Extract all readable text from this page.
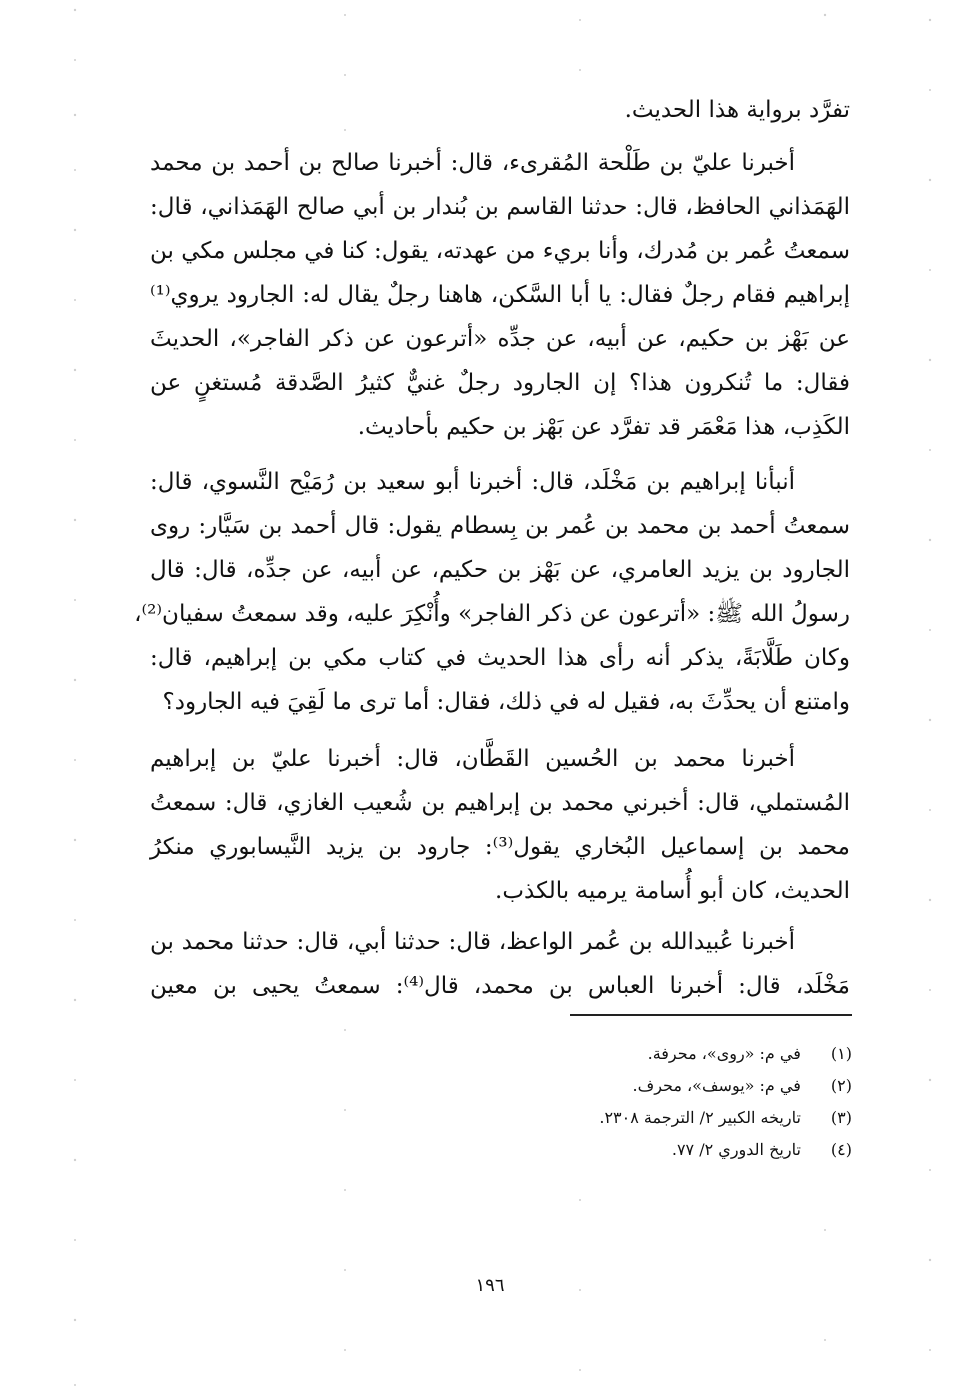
تفرَّد برواية هذا الحديث.
أخبرنا عليّ بن طَلْحة المُقرىء، قال: أخبرنا صالح بن أحمد بن محمد
الهَمَذاني الحافظ، قال: حدثنا القاسم بن بُندار بن أبي صالح الهَمَذاني، قال:
سمعتُ عُمر بن مُدرك، وأنا بريء من عهدته، يقول: كنا في مجلس مكي بن
إبراهيم فقام رجلٌ فقال: يا أبا السَّكن، هاهنا رجلٌ يقال له: الجارود يروي⁽¹⁾
عن بَهْز بن حكيم، عن أبيه، عن جدِّه «أترعون عن ذكر الفاجر»، الحديثَ
فقال: ما تُنكرون هذا؟ إن الجارود رجلٌ غنيٌّ كثيرُ الصَّدقة مُستغنٍ عن
الكَذِب، هذا مَعْمَر قد تفرَّد عن بَهْز بن حكيم بأحاديث.
أنبأنا إبراهيم بن مَخْلَد، قال: أخبرنا أبو سعيد بن رُمَيْح النَّسوي، قال:
سمعتُ أحمد بن محمد بن عُمر بن بِسطام يقول: قال أحمد بن سَيَّار: روى
الجارود بن يزيد العامري، عن بَهْز بن حكيم، عن أبيه، عن جدِّه، قال: قال
رسولُ الله ﷺ: «أترعون عن ذكر الفاجر» وأُنْكِرَ عليه، وقد سمعتُ سفيان⁽²⁾،
وكان طَلَّابَةً، يذكر أنه رأى هذا الحديث في كتاب مكي بن إبراهيم، قال:
وامتنع أن يحدِّثَ به، فقيل له في ذلك، فقال: أما ترى ما لَقِيَ فيه الجارود؟
أخبرنا محمد بن الحُسين القَطَّان، قال: أخبرنا عليّ بن إبراهيم
المُستملي، قال: أخبرني محمد بن إبراهيم بن شُعيب الغازي، قال: سمعتُ
محمد بن إسماعيل البُخاري يقول⁽³⁾: جارود بن يزيد النَّيسابوري منكرُ
الحديث، كان أبو أُسامة يرميه بالكذب.
أخبرنا عُبيدالله بن عُمر الواعظ، قال: حدثنا أبي، قال: حدثنا محمد بن
مَخْلَد، قال: أخبرنا العباس بن محمد، قال⁽⁴⁾: سمعتُ يحيى بن معين
(١) في م: «روى»، محرفة.
(٢) في م: «يوسف»، محرف.
(٣) تاريخه الكبير ٢/ الترجمة ٢٣٠٨.
(٤) تاريخ الدوري ٢/ ٧٧.
١٩٦
